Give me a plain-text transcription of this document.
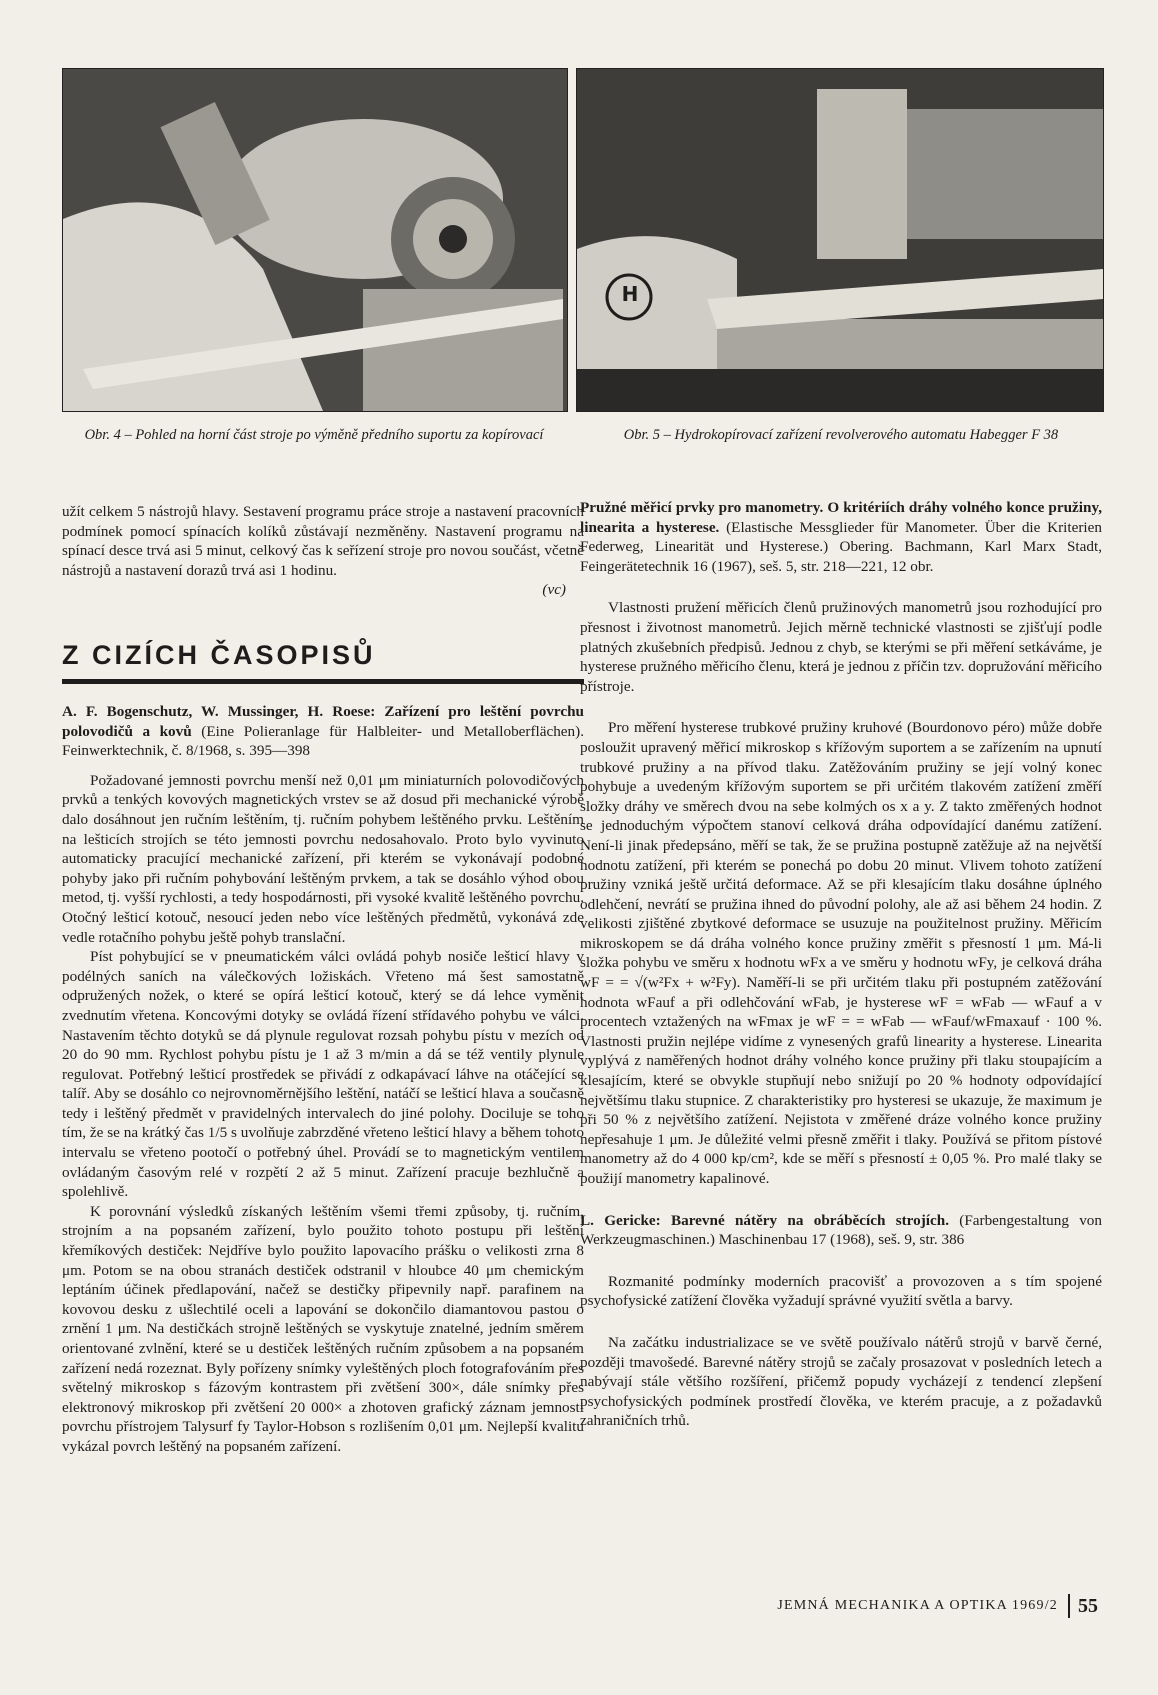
H
Obr. 4 – Pohled na horní část stroje po výměně předního suportu za kopírovací	Obr. 5 – Hydrokopírovací zařízení revolverového automatu Habegger F 38

užít celkem 5 nástrojů hlavy. Sestavení programu práce stroje a nastavení pracovních podmínek pomocí spínacích kolíků zůstávají nezměněny. Nastavení programu na spínací desce trvá asi 5 minut, celkový čas k seřízení stroje pro novou součást, včetně nástrojů a nastavení dorazů trvá asi 1 hodinu.

(vc)

Z CIZÍCH ČASOPISŮ

A. F. Bogenschutz, W. Mussinger, H. Roese: Zařízení pro leštění povrchu polovodičů a kovů (Eine Polieranlage für Halbleiter- und Metalloberflächen). Feinwerktechnik, č. 8/1968, s. 395—398

Požadované jemnosti povrchu menší než 0,01 μm miniaturních polovodičových prvků a tenkých kovových magnetických vrstev se až dosud při mechanické výrobě dalo dosáhnout jen ručním leštěním, tj. ručním pohybem leštěného prvku. Leštěním na lešticích strojích se této jemnosti povrchu nedosahovalo. Proto bylo vyvinuto automaticky pracující mechanické zařízení, při kterém se vykonávají podobné pohyby jako při ručním pohybování leštěným prvkem, a tak se dosáhlo výhod obou metod, tj. vyšší rychlosti, a tedy hospodárnosti, při vysoké kvalitě leštěného povrchu. Otočný lešticí kotouč, nesoucí jeden nebo více leštěných předmětů, vykonává zde vedle rotačního pohybu ještě pohyb translační.

Píst pohybující se v pneumatickém válci ovládá pohyb nosiče lešticí hlavy v podélných saních na válečkových ložiskách. Vřeteno má šest samostatně odpružených nožek, o které se opírá lešticí kotouč, který se dá lehce vyměnit zvednutím vřetena. Koncovými dotyky se ovládá řízení střídavého pohybu ve válci. Nastavením těchto dotyků se dá plynule regulovat rozsah pohybu pístu v mezích od 20 do 90 mm. Rychlost pohybu pístu je 1 až 3 m/min a dá se též ventily plynule regulovat. Potřebný lešticí prostředek se přivádí z odkapávací láhve na otáčející se talíř. Aby se dosáhlo co nejrovnoměrnějšího leštění, natáčí se lešticí hlava a současně tedy i leštěný předmět v pravidelných intervalech do jiné polohy. Dociluje se toho tím, že se na krátký čas 1/5 s uvolňuje zabrzděné vřeteno lešticí hlavy a během tohoto intervalu se vřeteno pootočí o potřebný úhel. Provádí se to magnetickým ventilem ovládaným časovým relé v rozpětí 2 až 5 minut. Zařízení pracuje bezhlučně a spolehlivě.

K porovnání výsledků získaných leštěním všemi třemi způsoby, tj. ručním, strojním a na popsaném zařízení, bylo použito tohoto postupu při leštění křemíkových destiček: Nejdříve bylo použito lapovacího prášku o velikosti zrna 8 μm. Potom se na obou stranách destiček odstranil v hloubce 40 μm chemickým leptáním účinek předlapování, načež se destičky připevnily např. parafinem na kovovou desku z ušlechtilé oceli a lapování se dokončilo diamantovou pastou o zrnění 1 μm. Na destičkách strojně leštěných se vyskytuje znatelné, jedním směrem orientované zvlnění, které se u destiček leštěných ručním způsobem a na popsaném zařízení nedá rozeznat. Byly pořízeny snímky vyleštěných ploch fotografováním přes světelný mikroskop s fázovým kontrastem při zvětšení 300×, dále snímky přes elektronový mikroskop při zvětšení 20 000× a zhotoven grafický záznam jemnosti povrchu přístrojem Talysurf fy Taylor-Hobson s rozlišením 0,01 μm. Nejlepší kvalitu vykázal povrch leštěný na popsaném zařízení.

Pružné měřicí prvky pro manometry. O kritériích dráhy volného konce pružiny, linearita a hysterese. (Elastische Messglieder für Manometer. Über die Kriterien Federweg, Linearität und Hysterese.) Obering. Bachmann, Karl Marx Stadt, Feingerätetechnik 16 (1967), seš. 5, str. 218—221, 12 obr.

Vlastnosti pružení měřicích členů pružinových manometrů jsou rozhodující pro přesnost i životnost manometrů. Jejich měrně technické vlastnosti se zjišťují podle platných zkušebních předpisů. Jednou z chyb, se kterými se při měření setkáváme, je hysterese pružného měřicího členu, která je jednou z příčin tzv. dopružování měřicího přístroje.

Pro měření hysterese trubkové pružiny kruhové (Bourdonovo péro) může dobře posloužit upravený měřicí mikroskop s křížovým suportem a se zařízením na upnutí trubkové pružiny a na přívod tlaku. Zatěžováním pružiny se její volný konec pohybuje a uvedeným křížovým suportem se při určitém tlakovém zatížení změří složky dráhy ve směrech dvou na sebe kolmých os x a y. Z takto změřených hodnot se jednoduchým výpočtem stanoví celková dráha odpovídající danému zatížení. Není-li jinak předepsáno, měří se tak, že se pružina postupně zatěžuje až na největší hodnotu zatížení, při kterém se ponechá po dobu 20 minut. Vlivem tohoto zatížení pružiny vzniká ještě určitá deformace. Až se při klesajícím tlaku dosáhne úplného odlehčení, nevrátí se pružina ihned do původní polohy, ale až asi během 24 hodin. Z velikosti zjištěné zbytkové deformace se usuzuje na použitelnost pružiny. Měřicím mikroskopem se dá dráha volného konce pružiny změřit s přesností 1 μm. Má-li složka pohybu ve směru x hodnotu wFx a ve směru y hodnotu wFy, je celková dráha wF = = √(w²Fx + w²Fy). Naměří-li se při určitém tlaku při postupném zatěžování hodnota wFauf a při odlehčování wFab, je hysterese wF = wFab — wFauf a v procentech vztažených na wFmax je wF = = wFab — wFauf/wFmaxauf · 100 %. Vlastnosti pružin nejlépe vidíme z vynesených grafů linearity a hysterese. Linearita vyplývá z naměřených hodnot dráhy volného konce pružiny při tlaku stoupajícím a klesajícím, které se obvykle stupňují nebo snižují po 20 % hodnoty odpovídající největšímu tlaku stupnice. Z charakteristiky pro hysteresi se ukazuje, že maximum je při 50 % z největšího zatížení. Nejistota v změřené dráze volného konce pružiny nepřesahuje 1 μm. Je důležité velmi přesně změřit i tlaky. Používá se přitom pístové manometry až do 4 000 kp/cm², kde se měří s přesností ± 0,05 %. Pro malé tlaky se použijí manometry kapalinové.

L. Gericke: Barevné nátěry na obráběcích strojích. (Farbengestaltung von Werkzeugmaschinen.) Maschinenbau 17 (1968), seš. 9, str. 386

Rozmanité podmínky moderních pracovišť a provozoven a s tím spojené psychofysické zatížení člověka vyžadují správné využití světla a barvy.

Na začátku industrializace se ve světě používalo nátěrů strojů v barvě černé, později tmavošedé. Barevné nátěry strojů se začaly prosazovat v posledních letech a nabývají stále většího rozšíření, přičemž popudy vycházejí z tendencí zlepšení psychofysických podmínek prostředí člověka, ve kterém pracuje, a z požadavků zahraničních trhů.

JEMNÁ MECHANIKA A OPTIKA 1969/2 55
